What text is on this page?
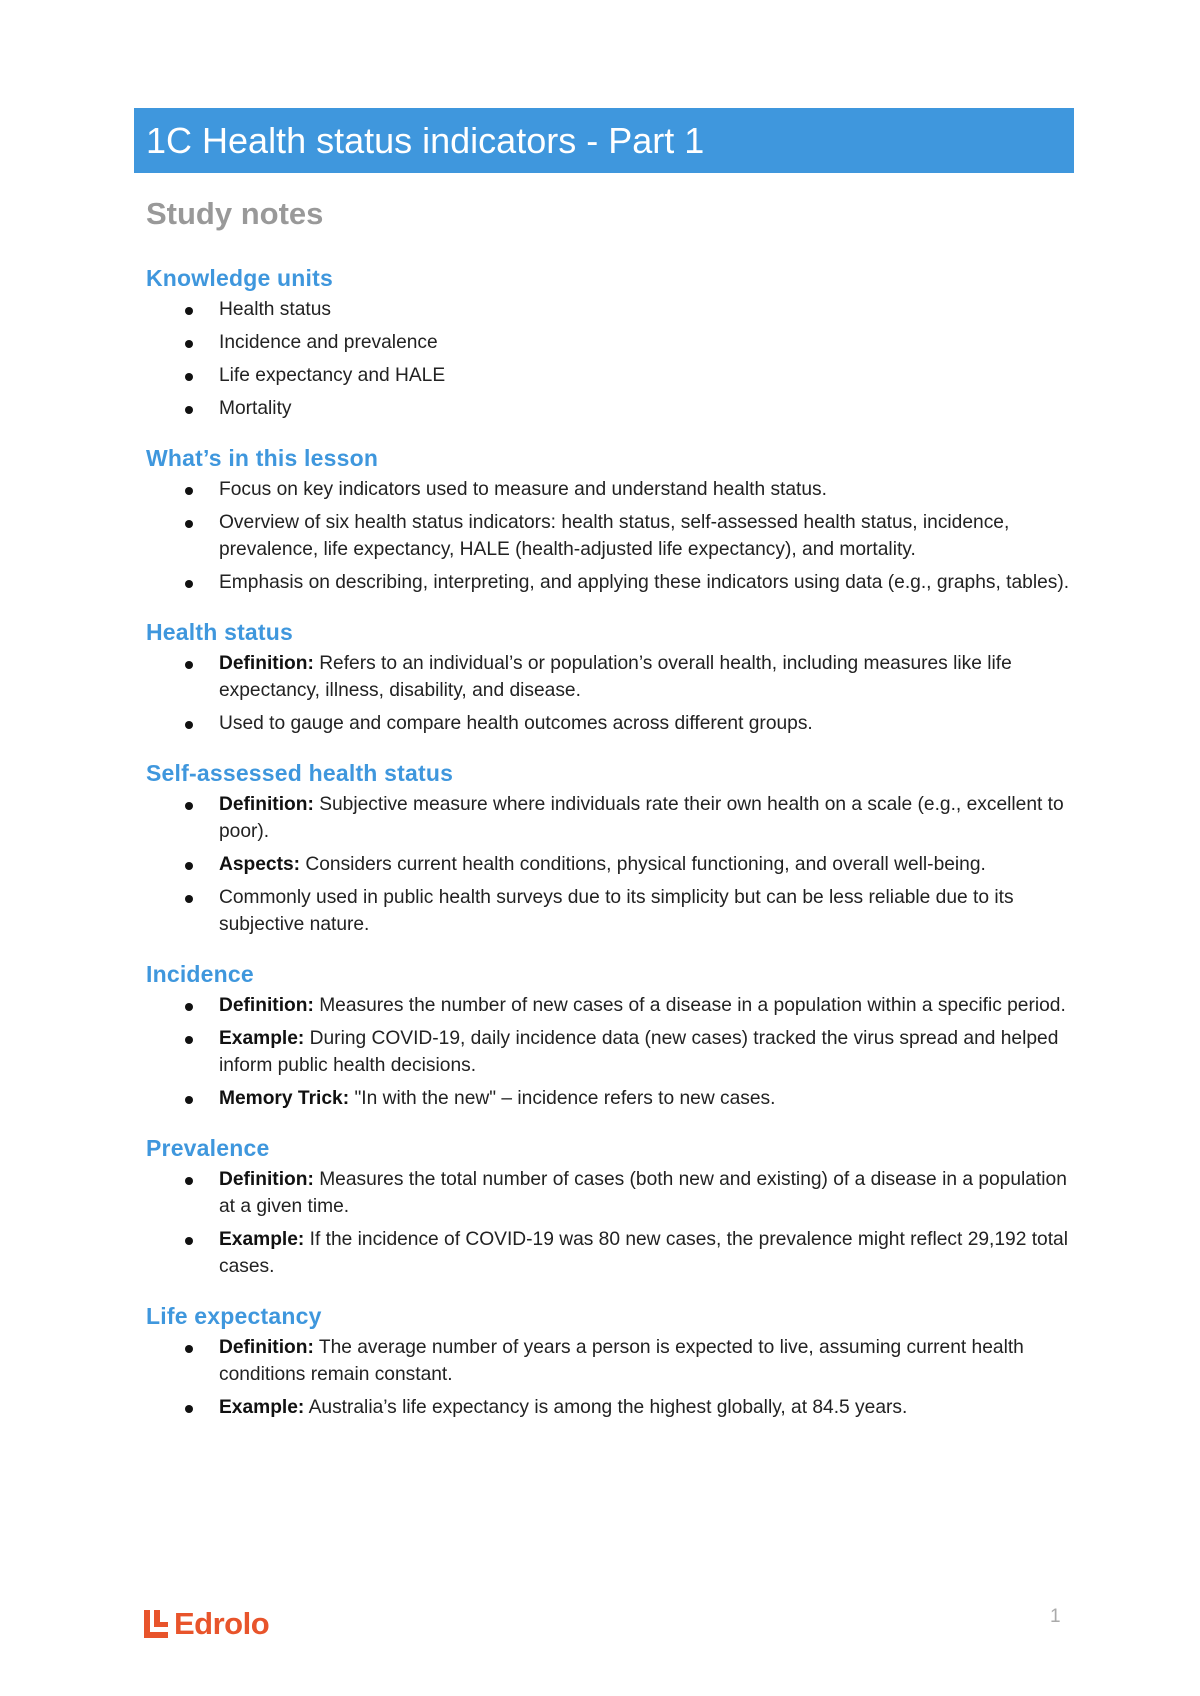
1C Health status indicators - Part 1
Study notes
Knowledge units
Health status
Incidence and prevalence
Life expectancy and HALE
Mortality
What’s in this lesson
Focus on key indicators used to measure and understand health status.
Overview of six health status indicators: health status, self-assessed health status, incidence, prevalence, life expectancy, HALE (health-adjusted life expectancy), and mortality.
Emphasis on describing, interpreting, and applying these indicators using data (e.g., graphs, tables).
Health status
Definition: Refers to an individual’s or population’s overall health, including measures like life expectancy, illness, disability, and disease.
Used to gauge and compare health outcomes across different groups.
Self-assessed health status
Definition: Subjective measure where individuals rate their own health on a scale (e.g., excellent to poor).
Aspects: Considers current health conditions, physical functioning, and overall well-being.
Commonly used in public health surveys due to its simplicity but can be less reliable due to its subjective nature.
Incidence
Definition: Measures the number of new cases of a disease in a population within a specific period.
Example: During COVID-19, daily incidence data (new cases) tracked the virus spread and helped inform public health decisions.
Memory Trick: "In with the new" – incidence refers to new cases.
Prevalence
Definition: Measures the total number of cases (both new and existing) of a disease in a population at a given time.
Example: If the incidence of COVID-19 was 80 new cases, the prevalence might reflect 29,192 total cases.
Life expectancy
Definition: The average number of years a person is expected to live, assuming current health conditions remain constant.
Example: Australia’s life expectancy is among the highest globally, at 84.5 years.
Edrolo	1
